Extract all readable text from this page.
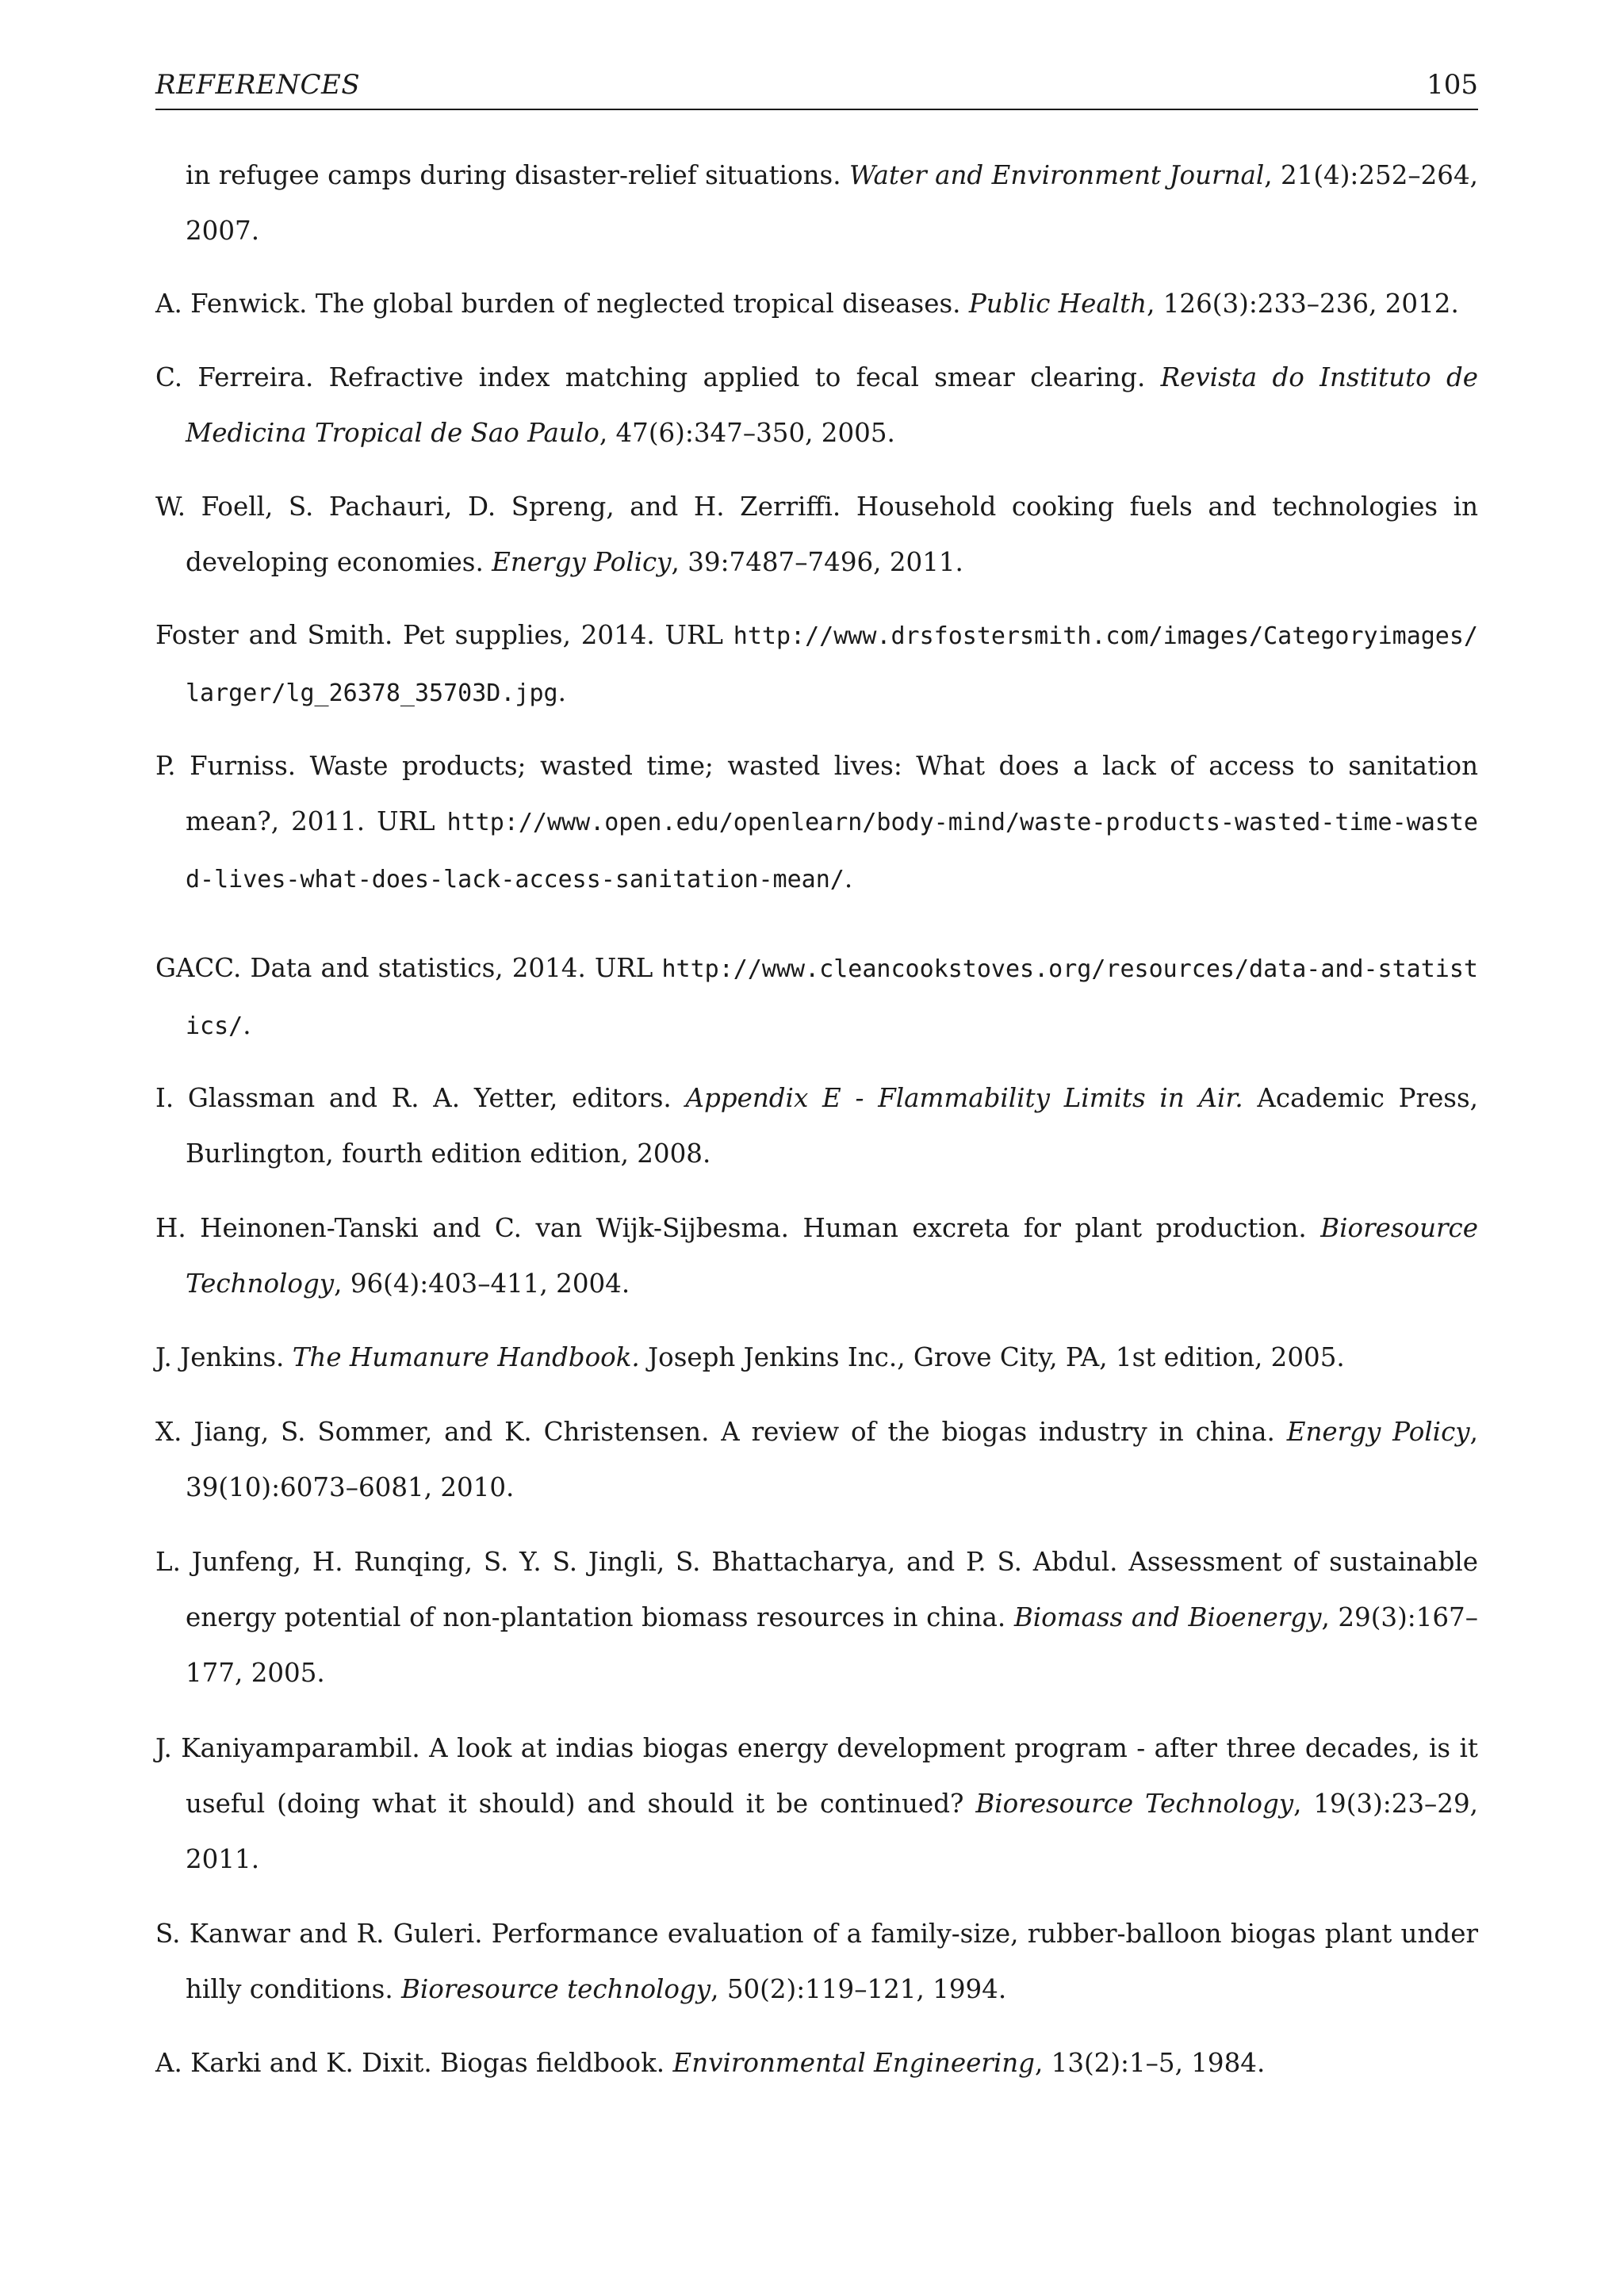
REFERENCES	105
in refugee camps during disaster-relief situations. Water and Environment Journal, 21(4):252–264, 2007.
A. Fenwick. The global burden of neglected tropical diseases. Public Health, 126(3):233–236, 2012.
C. Ferreira. Refractive index matching applied to fecal smear clearing. Revista do Instituto de Medicina Tropical de Sao Paulo, 47(6):347–350, 2005.
W. Foell, S. Pachauri, D. Spreng, and H. Zerriffi. Household cooking fuels and technologies in developing economies. Energy Policy, 39:7487–7496, 2011.
Foster and Smith. Pet supplies, 2014. URL http://www.drsfostersmith.com/images/Categoryimages/larger/lg_26378_35703D.jpg.
P. Furniss. Waste products; wasted time; wasted lives: What does a lack of access to sanitation mean?, 2011. URL http://www.open.edu/openlearn/body-mind/waste-products-wasted-time-wasted-lives-what-does-lack-access-sanitation-mean/.
GACC. Data and statistics, 2014. URL http://www.cleancookstoves.org/resources/data-and-statistics/.
I. Glassman and R. A. Yetter, editors. Appendix E - Flammability Limits in Air. Academic Press, Burlington, fourth edition edition, 2008.
H. Heinonen-Tanski and C. van Wijk-Sijbesma. Human excreta for plant production. Bioresource Technology, 96(4):403–411, 2004.
J. Jenkins. The Humanure Handbook. Joseph Jenkins Inc., Grove City, PA, 1st edition, 2005.
X. Jiang, S. Sommer, and K. Christensen. A review of the biogas industry in china. Energy Policy, 39(10):6073–6081, 2010.
L. Junfeng, H. Runqing, S. Y. S. Jingli, S. Bhattacharya, and P. S. Abdul. Assessment of sustainable energy potential of non-plantation biomass resources in china. Biomass and Bioenergy, 29(3):167–177, 2005.
J. Kaniyamparambil. A look at indias biogas energy development program - after three decades, is it useful (doing what it should) and should it be continued? Bioresource Technology, 19(3):23–29, 2011.
S. Kanwar and R. Guleri. Performance evaluation of a family-size, rubber-balloon biogas plant under hilly conditions. Bioresource technology, 50(2):119–121, 1994.
A. Karki and K. Dixit. Biogas fieldbook. Environmental Engineering, 13(2):1–5, 1984.
